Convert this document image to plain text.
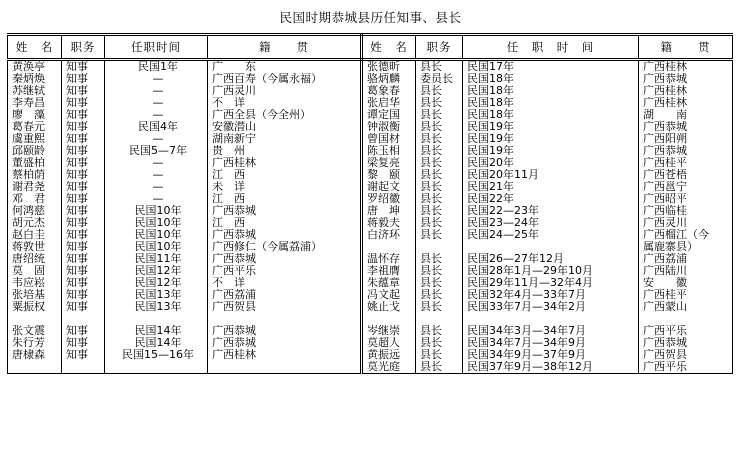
民国时期恭城县历任知事、县长
姓　名	职务	任职时间	籍　　贯	姓　名	职务	任　职　时　间	籍　　贯
黄涣亭	知事	民国1年	广　　东	张德昕	县长	民国17年	广西桂林
秦炳焕	知事	—	广西百寿（今属永福）	骆炳麟	委员长	民国18年	广西恭城
苏继轼	知事	—	广西灵川	葛象春	县长	民国18年	广西桂林
李寿昌	知事	—	不　详	张启华	县长	民国18年	广西桂林
廖　藻	知事	—	广西全县（今全州）	谭定国	县长	民国18年	湖　　南
葛春元	知事	民国4年	安徽潜山	钟淑衡	县长	民国19年	广西恭城
虞重熙	知事	—	湖南新宁	曾国材	县长	民国19年	广西阳朔
邱颐龄	知事	民国5—7年	贵　州	陈玉相	县长	民国19年	广西恭城
董盛柏	知事	—	广西桂林	梁复亮	县长	民国20年	广西桂平
蔡柏荫	知事	—	江　西	黎　颐	县长	民国20年11月	广西苍梧
谢君尧	知事	—	未　详	谢起文	县长	民国21年	广西邕宁
邓　君	知事	—	江　西	罗绍徽	县长	民国22年	广西昭平
何鸿慈	知事	民国10年	广西恭城	唐　坤	县长	民国22—23年	广西临桂
胡元杰	知事	民国10年	江　西	蒋毅夫	县长	民国23—24年	广西灵川
赵白圭	知事	民国10年	广西恭城	白济环	县长	民国24—25年	广西榴江（今
蒋敦世	知事	民国10年	广西修仁（今属荔浦）				属鹿寨县）
唐绍统	知事	民国11年	广西恭城	温怀存	县长	民国26—27年12月	广西荔浦
莫　固	知事	民国12年	广西平乐	李祖膺	县长	民国28年1月—29年10月	广西陆川
韦应崧	知事	民国12年	不　详	朱蕴章	县长	民国29年11月—32年4月	安　　徽
张培基	知事	民国13年	广西荔浦	冯文起	县长	民国32年4月—33年7月	广西桂平
粟振权	知事	民国13年	广西贺县	姚止戈	县长	民国33年7月—34年2月	广西蒙山

张文震	知事	民国14年	广西恭城	岑继崇	县长	民国34年3月—34年7月	广西平乐
朱行芳	知事	民国14年	广西恭城	莫超人	县长	民国34年7月—34年9月	广西恭城
唐棣森	知事	民国15—16年	广西桂林	黄振远	县长	民国34年9月—37年9月	广西贺县
				莫光庭	县长	民国37年9月—38年12月	广西平乐
